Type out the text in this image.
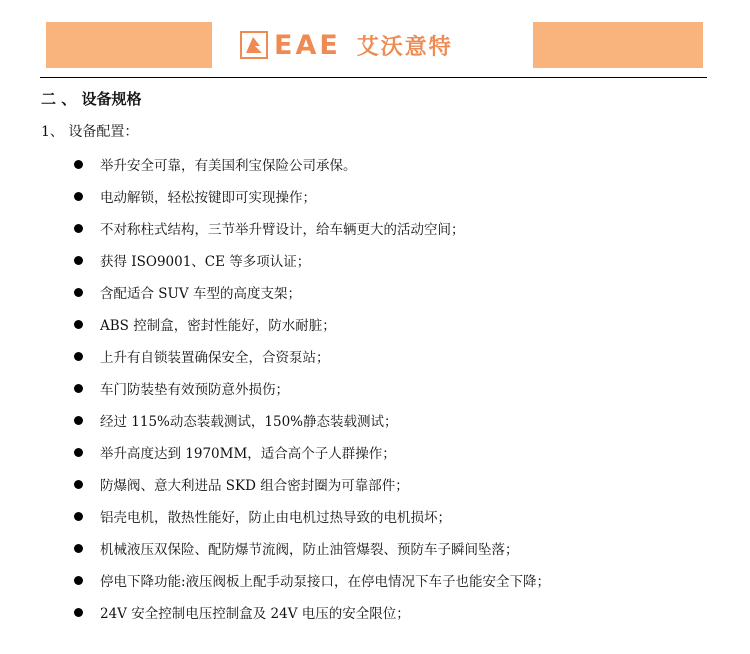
EAE 艾沃意特
二 、 设备规格
1、 设备配置：
举升安全可靠，有美国利宝保险公司承保。
电动解锁，轻松按键即可实现操作；
不对称柱式结构，三节举升臂设计，给车辆更大的活动空间；
获得 ISO9001、CE 等多项认证；
含配适合 SUV 车型的高度支架；
ABS 控制盒，密封性能好，防水耐脏；
上升有自锁装置确保安全，合资泵站；
车门防装垫有效预防意外损伤；
经过 115%动态装载测试，150%静态装载测试；
举升高度达到 1970MM，适合高个子人群操作；
防爆阀、意大利进品 SKD 组合密封圈为可靠部件；
铝壳电机，散热性能好，防止由电机过热导致的电机损坏；
机械液压双保险、配防爆节流阀，防止油管爆裂、预防车子瞬间坠落；
停电下降功能:液压阀板上配手动泵接口，在停电情况下车子也能安全下降；
24V 安全控制电压控制盒及 24V 电压的安全限位；
